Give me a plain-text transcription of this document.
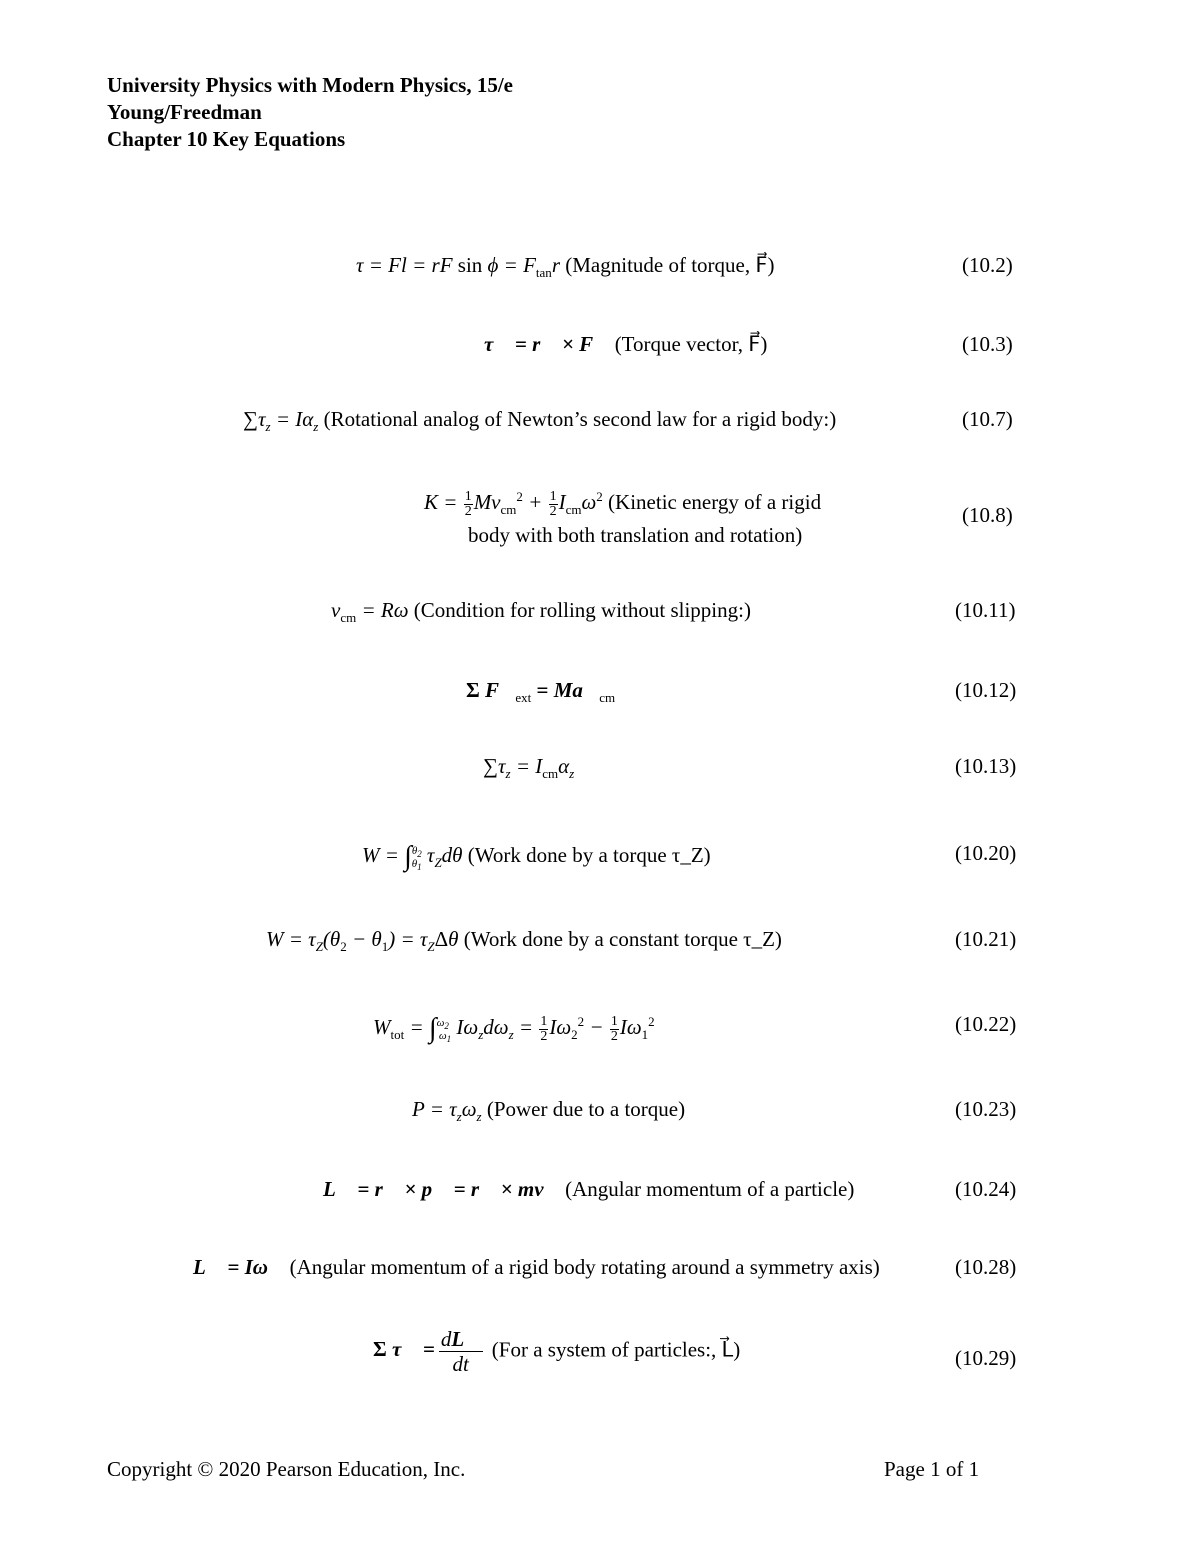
University Physics with Modern Physics, 15/e
Young/Freedman
Chapter 10 Key Equations
τ = Fl = rF $\sin \phi = F_{tan}r$ (Magnitude of torque, F⃗)	(10.2)
τ⃗ = r⃗ × F⃗ (Torque vector, F⃗)	(10.3)
$\sum\tau_z = I\alpha_z$ (Rotational analog of Newton’s second law for a rigid body:)	(10.7)
$K = \frac{1}{2} Mv_{cm}^2 + \frac{1}{2} I_{cm}\omega^2$ (Kinetic energy of a rigid
body with both translation and rotation)
(10.8)
$v_{cm} = R\omega$ (Condition for rolling without slipping:)	(10.11)
Σ $F⃗_{ext}$ = $Ma⃗_{cm}$	(10.12)
$\sum\tau_z = I_{cm}\alpha_z$	(10.13)
W = ∫$^{\theta_2}_{\theta_1}$ $\tau_Zd\theta$ (Work done by a torque τ_Z)	(10.20)
$W = \tau_Z(\theta_2 - \theta_1) = \tau_Z\Delta\theta$ (Work done by a constant torque τ_Z)	(10.21)
$W_{tot} = \int^{\omega_2}_{\omega_1}$ $I\omega_zd\omega_z = \frac{1}{2} I\omega_2^2 - \frac{1}{2} I\omega_1^2$	(10.22)
$P = \tau_z\omega_z$ (Power due to a torque)	(10.23)
L⃗ = r⃗ × p⃗ = r⃗ × mv⃗ (Angular momentum of a particle)	(10.24)
L⃗ = Iω⃗ (Angular momentum of a rigid body rotating around a symmetry axis)	(10.28)
Σ τ⃗ = $\frac{dL⃗}{dt} (For$ a system of particles:, L⃗)	(10.29)
Copyright © 2020 Pearson Education, Inc.	Page 1 of 1
